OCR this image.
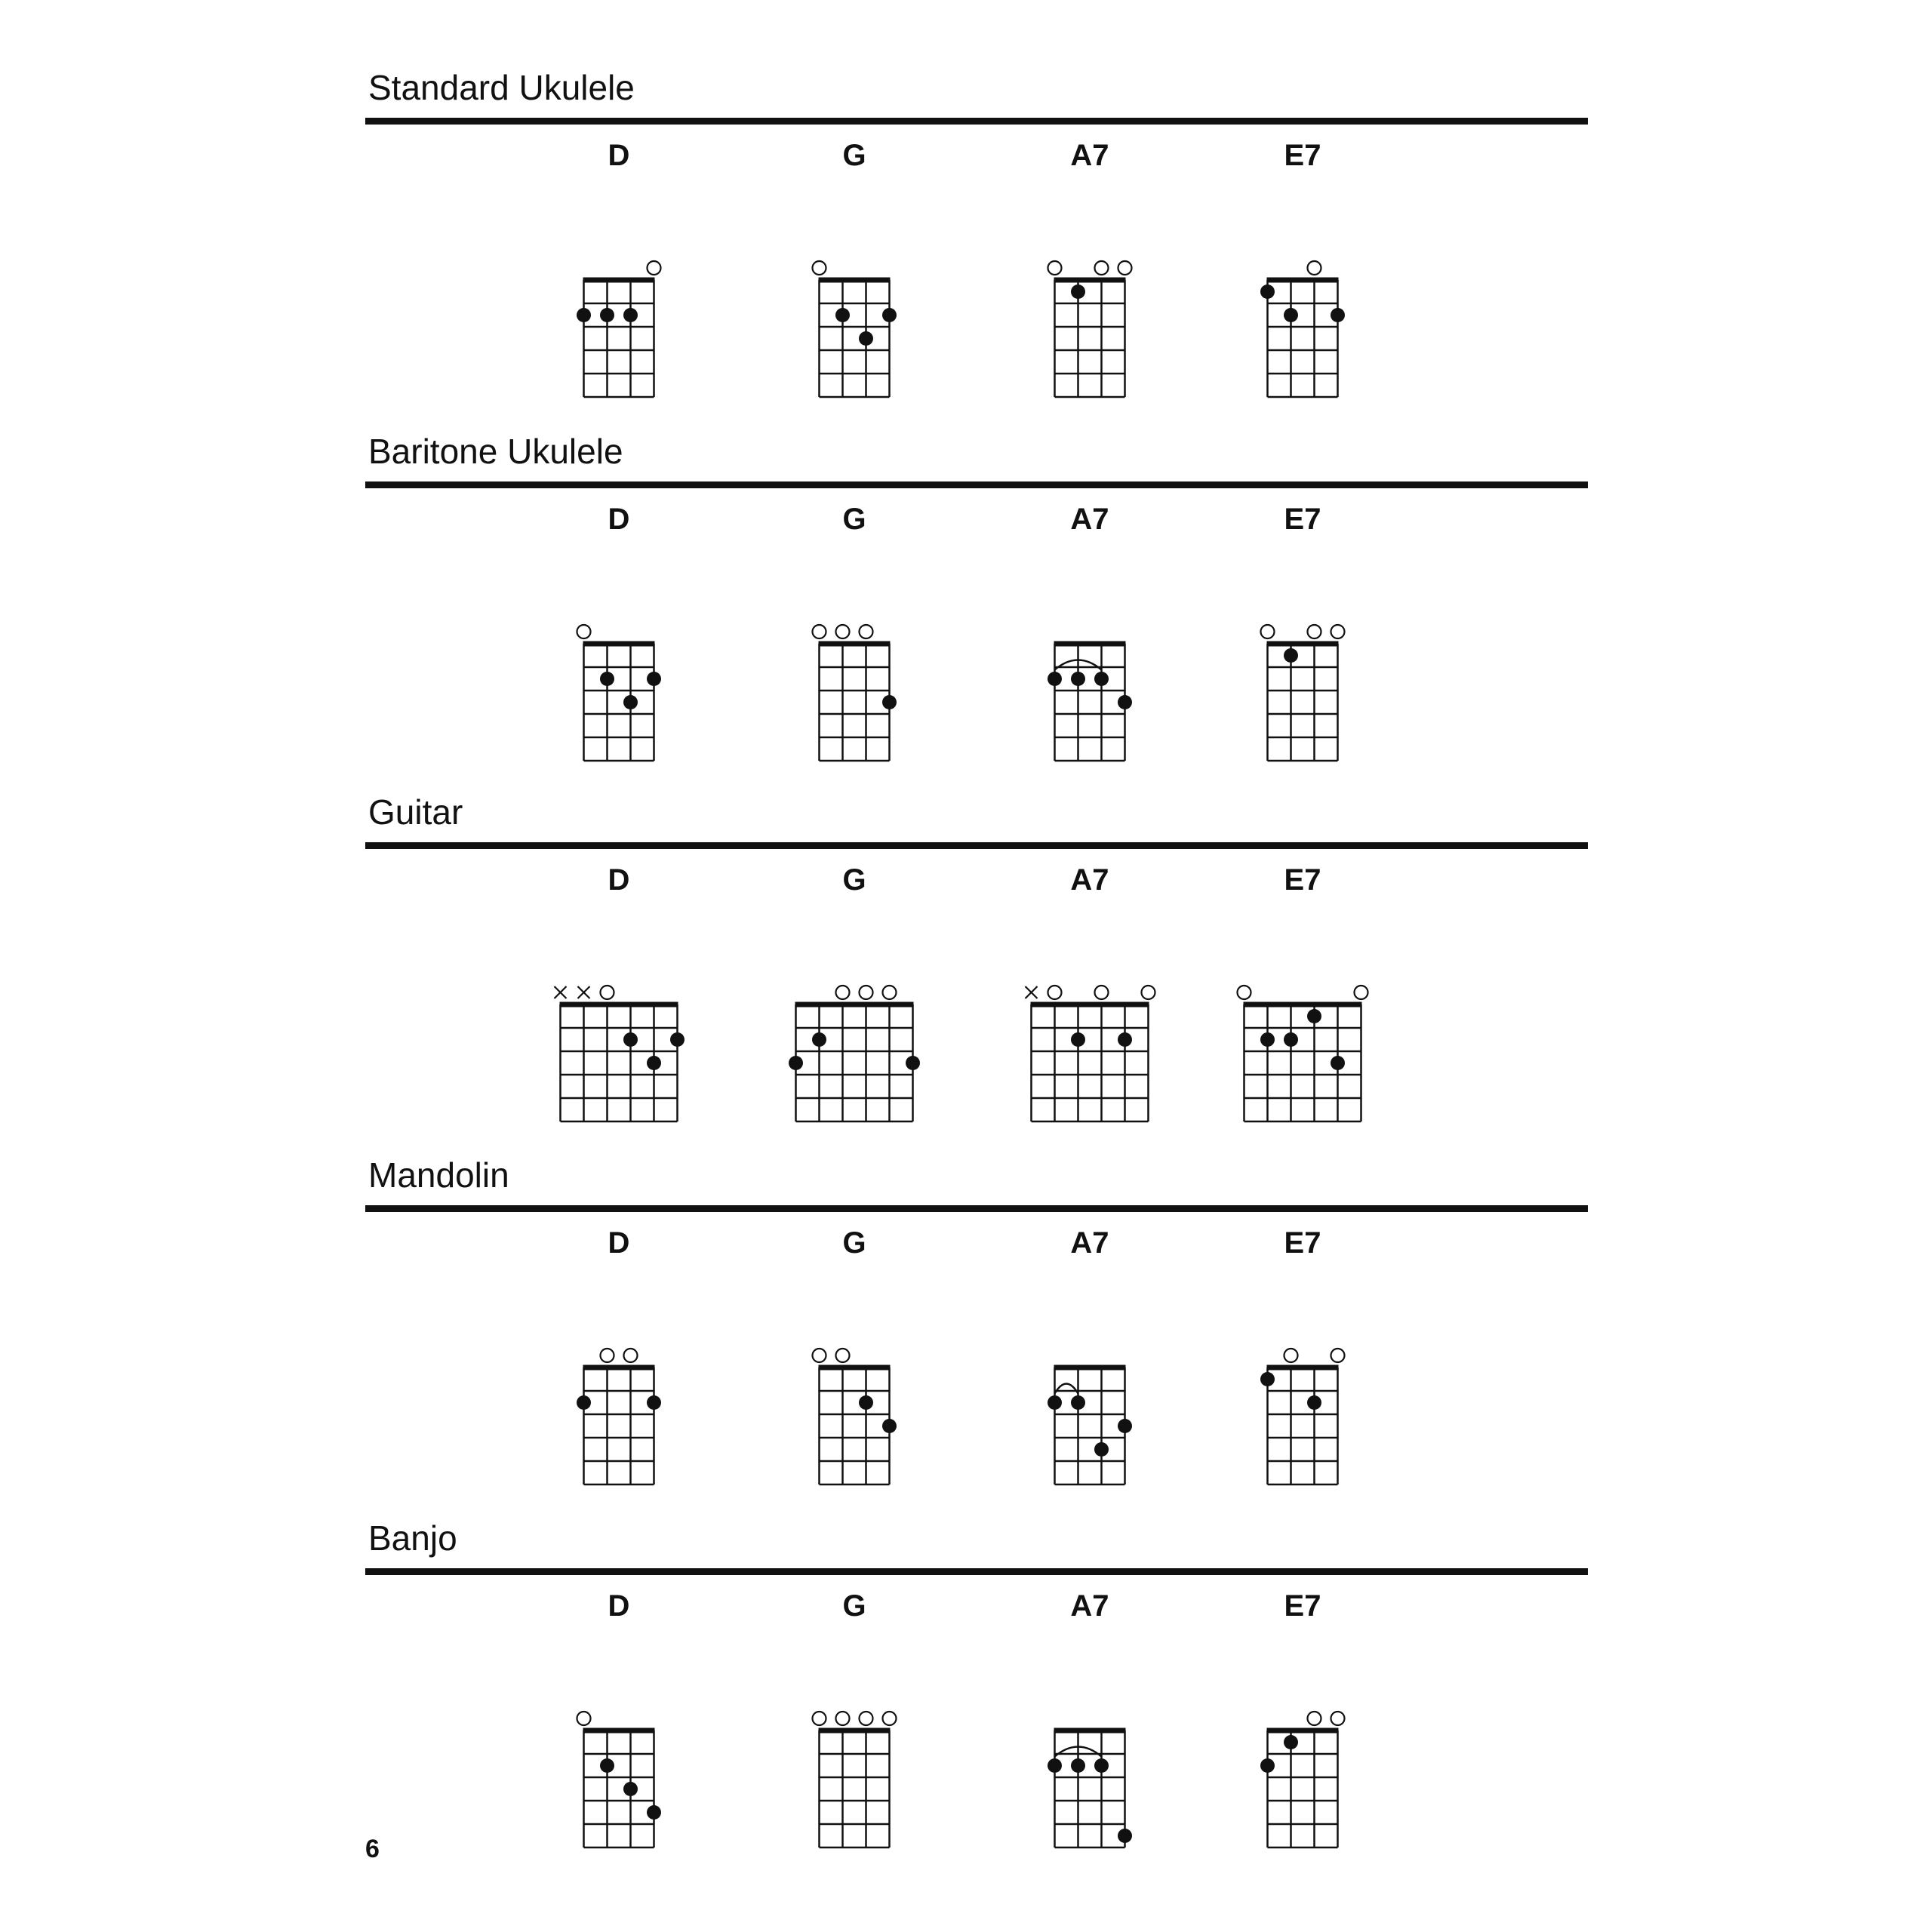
Standard Ukulele
D	G	A7	E7
Baritone Ukulele
D	G	A7	E7
Guitar
D	G	A7	E7
Mandolin
D	G	A7	E7
Banjo
D	G	A7	E7
6
